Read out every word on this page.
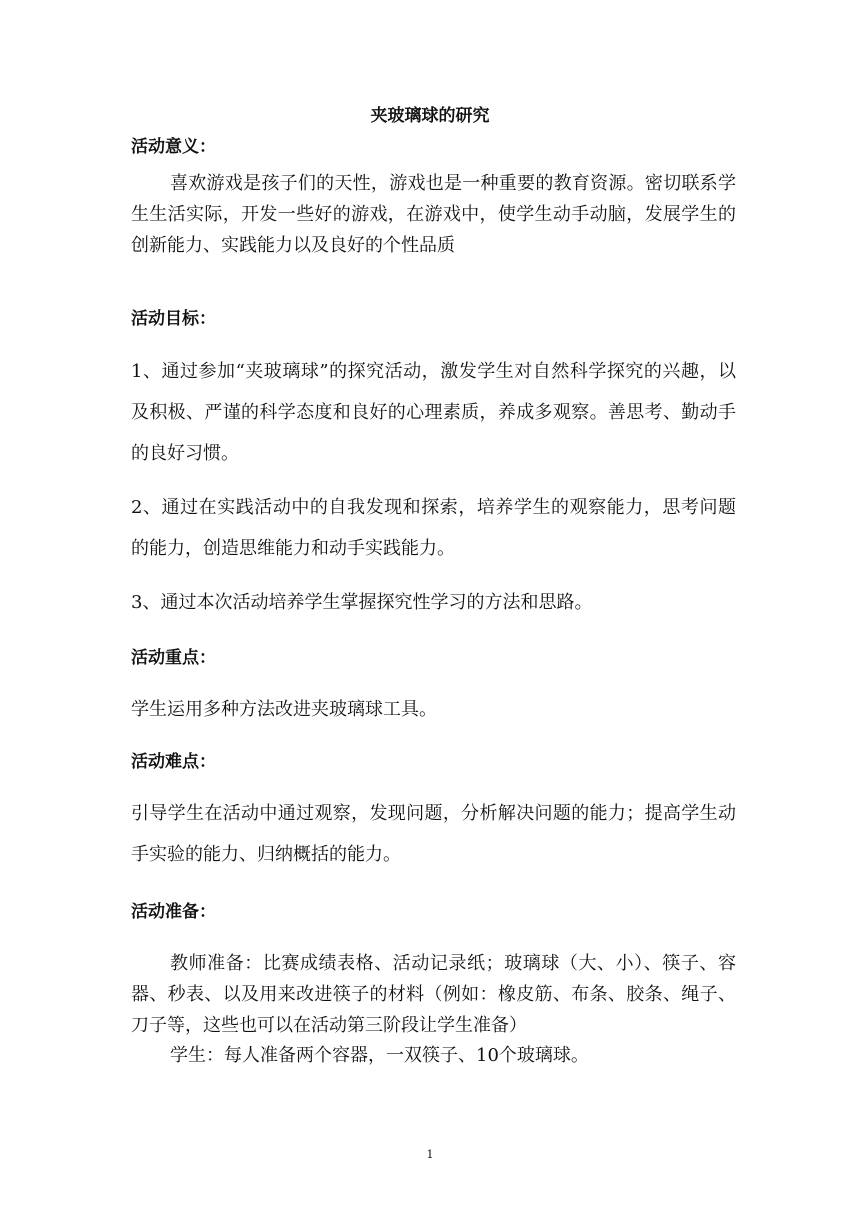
夹玻璃球的研究
活动意义：
喜欢游戏是孩子们的天性，游戏也是一种重要的教育资源。密切联系学生生活实际，开发一些好的游戏，在游戏中，使学生动手动脑，发展学生的创新能力、实践能力以及良好的个性品质
活动目标：
1、通过参加“夹玻璃球”的探究活动，激发学生对自然科学探究的兴趣，以及积极、严谨的科学态度和良好的心理素质，养成多观察。善思考、勤动手的良好习惯。
2、通过在实践活动中的自我发现和探索，培养学生的观察能力，思考问题的能力，创造思维能力和动手实践能力。
3、通过本次活动培养学生掌握探究性学习的方法和思路。
活动重点：
学生运用多种方法改进夹玻璃球工具。
活动难点：
引导学生在活动中通过观察，发现问题，分析解决问题的能力；提高学生动手实验的能力、归纳概括的能力。
活动准备：
教师准备：比赛成绩表格、活动记录纸；玻璃球（大、小）、筷子、容器、秒表、以及用来改进筷子的材料（例如：橡皮筋、布条、胶条、绳子、刀子等，这些也可以在活动第三阶段让学生准备）
学生：每人准备两个容器，一双筷子、10个玻璃球。
1
